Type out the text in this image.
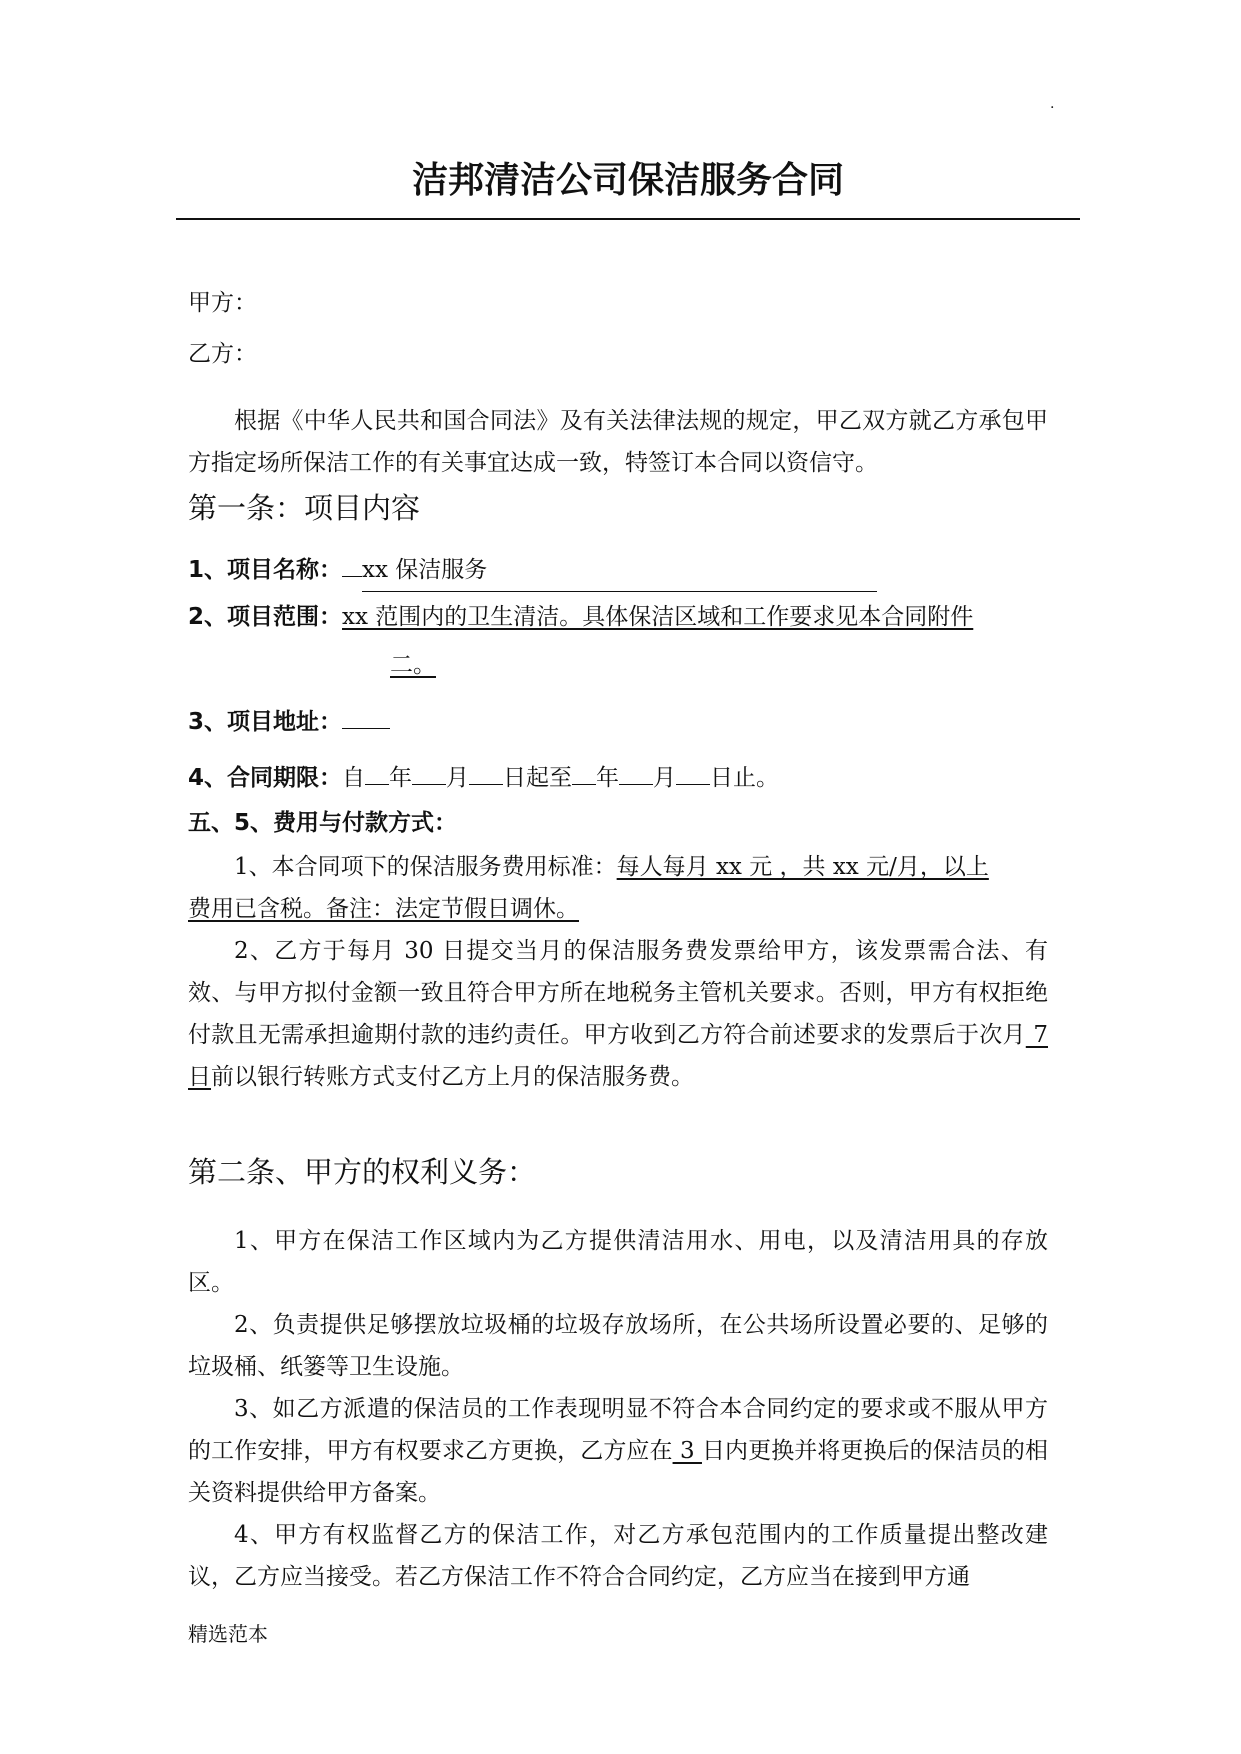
.
洁邦清洁公司保洁服务合同
甲方：
乙方：
根据《中华人民共和国合同法》及有关法律法规的规定，甲乙双方就乙方承包甲方指定场所保洁工作的有关事宜达成一致，特签订本合同以资信守。
第一条：项目内容
1、项目名称： xx 保洁服务
2、项目范围：xx 范围内的卫生清洁。具体保洁区域和工作要求见本合同附件
二。
3、项目地址：
4、合同期限：自 年 月 日起至 年 月 日止。
五、5、费用与付款方式：
1、本合同项下的保洁服务费用标准：每人每月 xx 元 ，共 xx 元/月，以上
费用已含税。备注：法定节假日调休。
2、乙方于每月 30 日提交当月的保洁服务费发票给甲方，该发票需合法、有效、与甲方拟付金额一致且符合甲方所在地税务主管机关要求。否则，甲方有权拒绝付款且无需承担逾期付款的违约责任。甲方收到乙方符合前述要求的发票后于次月 7 日前以银行转账方式支付乙方上月的保洁服务费。
第二条、甲方的权利义务：
1、甲方在保洁工作区域内为乙方提供清洁用水、用电，以及清洁用具的存放区。
2、负责提供足够摆放垃圾桶的垃圾存放场所，在公共场所设置必要的、足够的垃圾桶、纸篓等卫生设施。
3、如乙方派遣的保洁员的工作表现明显不符合本合同约定的要求或不服从甲方的工作安排，甲方有权要求乙方更换，乙方应在 3 日内更换并将更换后的保洁员的相关资料提供给甲方备案。
4、甲方有权监督乙方的保洁工作，对乙方承包范围内的工作质量提出整改建议，乙方应当接受。若乙方保洁工作不符合合同约定，乙方应当在接到甲方通
精选范本
